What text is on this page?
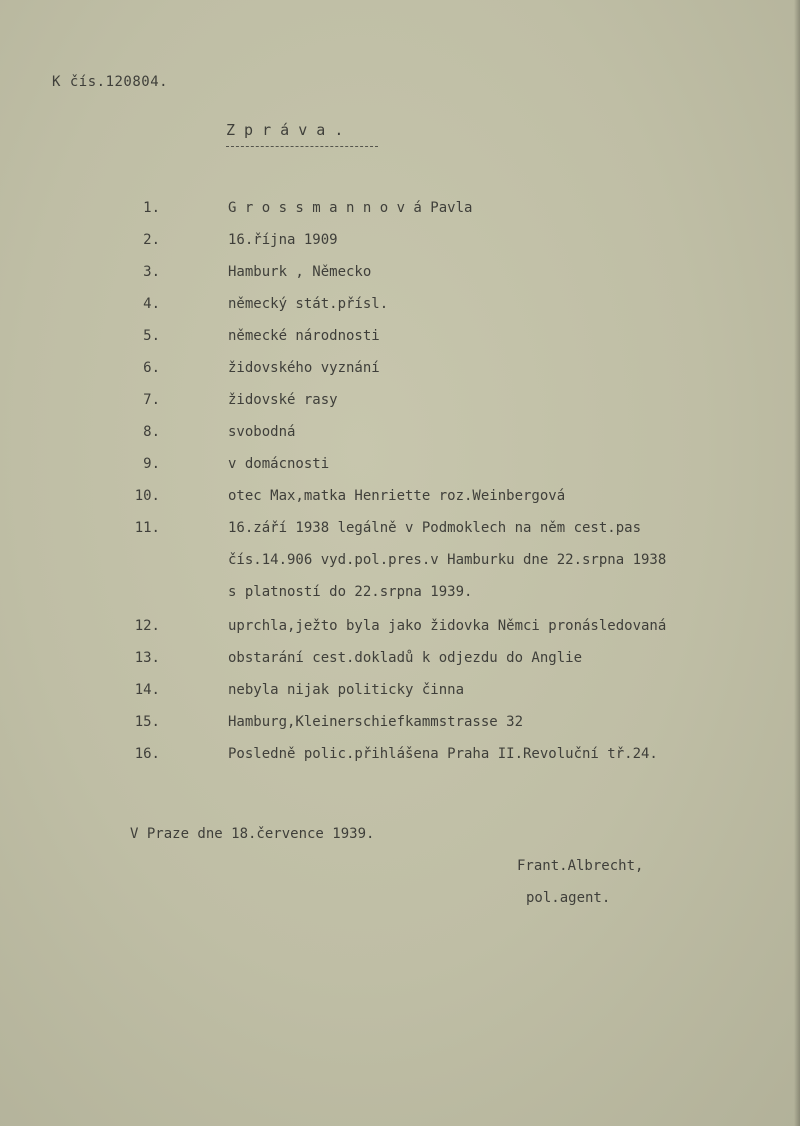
K čís.120804.
Z p r á v a .
1.	G r o s s m a n n o v á Pavla
2.	16.října 1909
3.	Hamburk , Německo
4.	německý stát.přísl.
5.	německé národnosti
6.	židovského vyznání
7.	židovské rasy
8.	svobodná
9.	v domácnosti
10.	otec Max,matka Henriette roz.Weinbergová
11.	16.září 1938 legálně v Podmoklech na něm cest.pas
čís.14.906 vyd.pol.pres.v Hamburku dne 22.srpna 1938
s platností do 22.srpna 1939.
12.	uprchla,ježto byla jako židovka Němci pronásledovaná
13.	obstarání cest.dokladů k odjezdu do Anglie
14.	nebyla nijak politicky činna
15.	Hamburg,Kleinerschiefkammstrasse 32
16.	Posledně polic.přihlášena Praha II.Revoluční tř.24.
V Praze dne 18.července 1939.
Frant.Albrecht,
pol.agent.
